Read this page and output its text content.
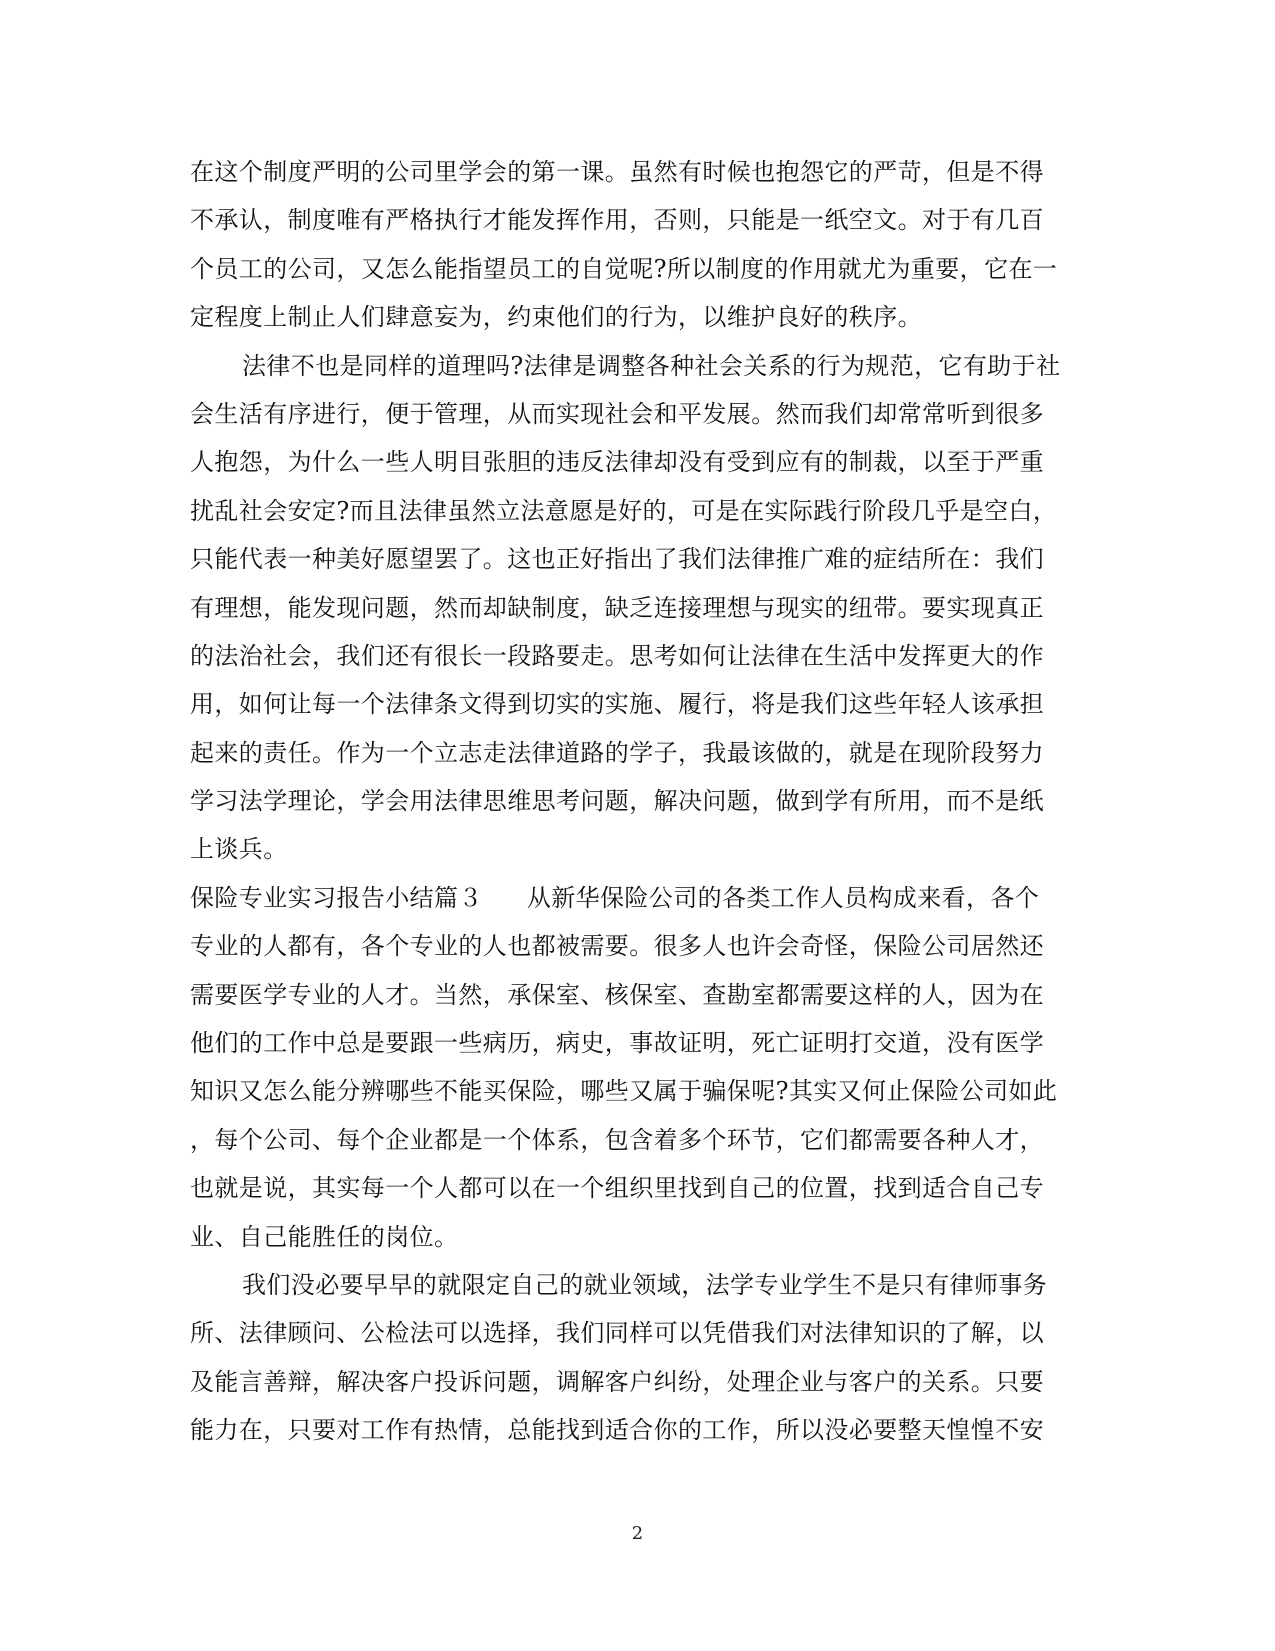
在这个制度严明的公司里学会的第一课。虽然有时候也抱怨它的严苛，但是不得
不承认，制度唯有严格执行才能发挥作用，否则，只能是一纸空文。对于有几百
个员工的公司，又怎么能指望员工的自觉呢?所以制度的作用就尤为重要，它在一
定程度上制止人们肆意妄为，约束他们的行为，以维护良好的秩序。
法律不也是同样的道理吗?法律是调整各种社会关系的行为规范，它有助于社
会生活有序进行，便于管理，从而实现社会和平发展。然而我们却常常听到很多
人抱怨，为什么一些人明目张胆的违反法律却没有受到应有的制裁，以至于严重
扰乱社会安定?而且法律虽然立法意愿是好的，可是在实际践行阶段几乎是空白，
只能代表一种美好愿望罢了。这也正好指出了我们法律推广难的症结所在：我们
有理想，能发现问题，然而却缺制度，缺乏连接理想与现实的纽带。要实现真正
的法治社会，我们还有很长一段路要走。思考如何让法律在生活中发挥更大的作
用，如何让每一个法律条文得到切实的实施、履行，将是我们这些年轻人该承担
起来的责任。作为一个立志走法律道路的学子，我最该做的，就是在现阶段努力
学习法学理论，学会用法律思维思考问题，解决问题，做到学有所用，而不是纸
上谈兵。
保险专业实习报告小结篇３ 从新华保险公司的各类工作人员构成来看，各个
专业的人都有，各个专业的人也都被需要。很多人也许会奇怪，保险公司居然还
需要医学专业的人才。当然，承保室、核保室、查勘室都需要这样的人，因为在
他们的工作中总是要跟一些病历，病史，事故证明，死亡证明打交道，没有医学
知识又怎么能分辨哪些不能买保险，哪些又属于骗保呢?其实又何止保险公司如此
，每个公司、每个企业都是一个体系，包含着多个环节，它们都需要各种人才，
也就是说，其实每一个人都可以在一个组织里找到自己的位置，找到适合自己专
业、自己能胜任的岗位。
我们没必要早早的就限定自己的就业领域，法学专业学生不是只有律师事务
所、法律顾问、公检法可以选择，我们同样可以凭借我们对法律知识的了解，以
及能言善辩，解决客户投诉问题，调解客户纠纷，处理企业与客户的关系。只要
能力在，只要对工作有热情，总能找到适合你的工作，所以没必要整天惶惶不安
2
